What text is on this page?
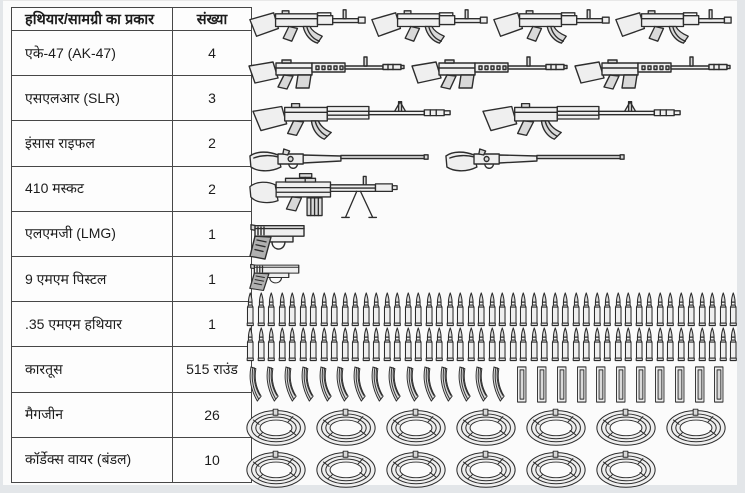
हथियार/सामग्री का प्रकार	संख्या
एके-47 (AK-47)	4
एसएलआर (SLR)	3
इंसास राइफल	2
410 मस्कट	2
एलएमजी (LMG)	1
9 एमएम पिस्टल	1
.35 एमएम हथियार	1
कारतूस	515 राउंड
मैगजीन	26
कॉर्डेक्स वायर (बंडल)	10
